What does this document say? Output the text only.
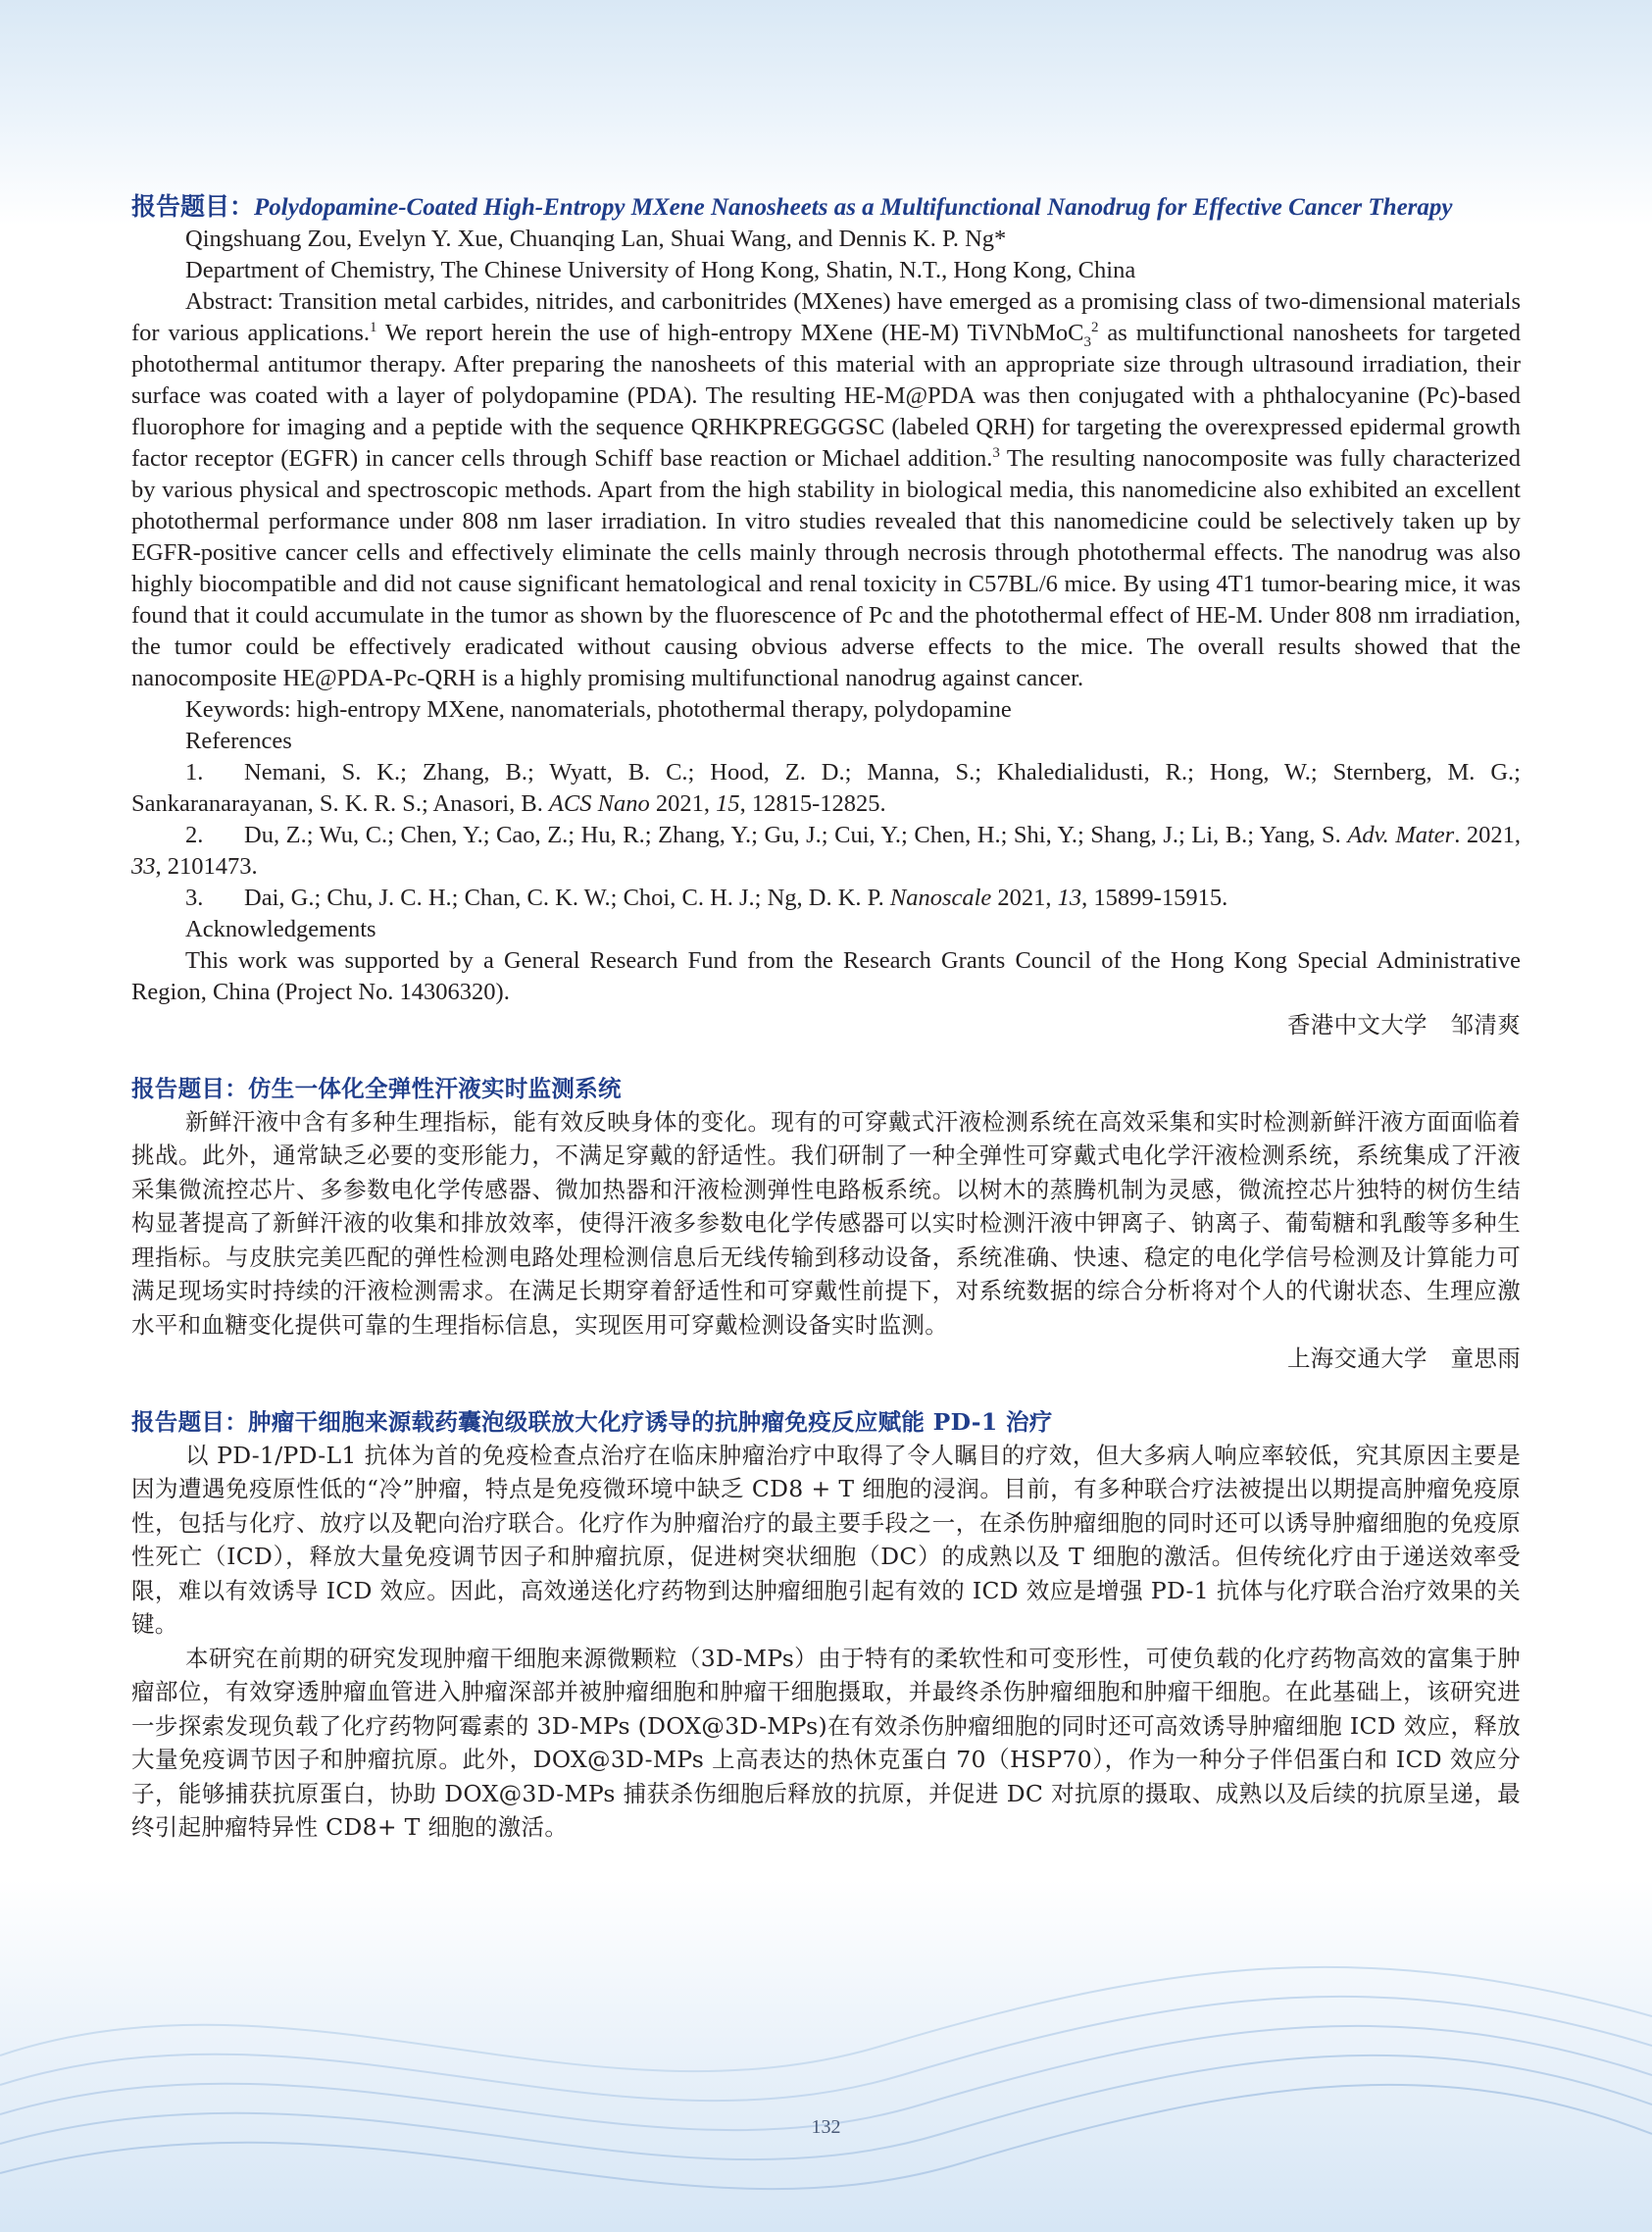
报告题目：Polydopamine-Coated High-Entropy MXene Nanosheets as a Multifunctional Nanodrug for Effective Cancer Therapy
Qingshuang Zou, Evelyn Y. Xue, Chuanqing Lan, Shuai Wang, and Dennis K. P. Ng*
Department of Chemistry, The Chinese University of Hong Kong, Shatin, N.T., Hong Kong, China
Abstract: Transition metal carbides, nitrides, and carbonitrides (MXenes) have emerged as a promising class of two-dimensional materials for various applications.$^1$ We report herein the use of high-entropy MXene (HE-M) TiVNbMoC$_3^2$ as multifunctional nanosheets for targeted photothermal antitumor therapy. After preparing the nanosheets of this material with an appropriate size through ultrasound irradiation, their surface was coated with a layer of polydopamine (PDA). The resulting HE-M@PDA was then conjugated with a phthalocyanine (Pc)-based fluorophore for imaging and a peptide with the sequence QRHKPREGGGSC (labeled QRH) for targeting the overexpressed epidermal growth factor receptor (EGFR) in cancer cells through Schiff base reaction or Michael addition.$^3$ The resulting nanocomposite was fully characterized by various physical and spectroscopic methods. Apart from the high stability in biological media, this nanomedicine also exhibited an excellent photothermal performance under 808 nm laser irradiation. In vitro studies revealed that this nanomedicine could be selectively taken up by EGFR-positive cancer cells and effectively eliminate the cells mainly through necrosis through photothermal effects. The nanodrug was also highly biocompatible and did not cause significant hematological and renal toxicity in C57BL/6 mice. By using 4T1 tumor-bearing mice, it was found that it could accumulate in the tumor as shown by the fluorescence of Pc and the photothermal effect of HE-M. Under 808 nm irradiation, the tumor could be effectively eradicated without causing obvious adverse effects to the mice. The overall results showed that the nanocomposite HE@PDA-Pc-QRH is a highly promising multifunctional nanodrug against cancer.
Keywords: high-entropy MXene, nanomaterials, photothermal therapy, polydopamine
References
1. Nemani, S. K.; Zhang, B.; Wyatt, B. C.; Hood, Z. D.; Manna, S.; Khaledialidusti, R.; Hong, W.; Sternberg, M. G.; Sankaranarayanan, S. K. R. S.; Anasori, B. ACS Nano 2021, 15, 12815-12825.
2. Du, Z.; Wu, C.; Chen, Y.; Cao, Z.; Hu, R.; Zhang, Y.; Gu, J.; Cui, Y.; Chen, H.; Shi, Y.; Shang, J.; Li, B.; Yang, S. Adv. Mater. 2021, 33, 2101473.
3. Dai, G.; Chu, J. C. H.; Chan, C. K. W.; Choi, C. H. J.; Ng, D. K. P. Nanoscale 2021, 13, 15899-15915.
Acknowledgements
This work was supported by a General Research Fund from the Research Grants Council of the Hong Kong Special Administrative Region, China (Project No. 14306320).
香港中文大学　邹清爽
报告题目：仿生一体化全弹性汗液实时监测系统
新鲜汗液中含有多种生理指标，能有效反映身体的变化。现有的可穿戴式汗液检测系统在高效采集和实时检测新鲜汗液方面面临着挑战。此外，通常缺乏必要的变形能力，不满足穿戴的舒适性。我们研制了一种全弹性可穿戴式电化学汗液检测系统，系统集成了汗液采集微流控芯片、多参数电化学传感器、微加热器和汗液检测弹性电路板系统。以树木的蒸腾机制为灵感，微流控芯片独特的树仿生结构显著提高了新鲜汗液的收集和排放效率，使得汗液多参数电化学传感器可以实时检测汗液中钾离子、钠离子、葡萄糖和乳酸等多种生理指标。与皮肤完美匹配的弹性检测电路处理检测信息后无线传输到移动设备，系统准确、快速、稳定的电化学信号检测及计算能力可满足现场实时持续的汗液检测需求。在满足长期穿着舒适性和可穿戴性前提下，对系统数据的综合分析将对个人的代谢状态、生理应激水平和血糖变化提供可靠的生理指标信息，实现医用可穿戴检测设备实时监测。
上海交通大学　童思雨
报告题目：肿瘤干细胞来源载药囊泡级联放大化疗诱导的抗肿瘤免疫反应赋能 PD-1 治疗
以 PD-1/PD-L1 抗体为首的免疫检查点治疗在临床肿瘤治疗中取得了令人瞩目的疗效，但大多病人响应率较低，究其原因主要是因为遭遇免疫原性低的“冷”肿瘤，特点是免疫微环境中缺乏 CD8 + T 细胞的浸润。目前，有多种联合疗法被提出以期提高肿瘤免疫原性，包括与化疗、放疗以及靶向治疗联合。化疗作为肿瘤治疗的最主要手段之一，在杀伤肿瘤细胞的同时还可以诱导肿瘤细胞的免疫原性死亡（ICD），释放大量免疫调节因子和肿瘤抗原，促进树突状细胞（DC）的成熟以及 T 细胞的激活。但传统化疗由于递送效率受限，难以有效诱导 ICD 效应。因此，高效递送化疗药物到达肿瘤细胞引起有效的 ICD 效应是增强 PD-1 抗体与化疗联合治疗效果的关键。
本研究在前期的研究发现肿瘤干细胞来源微颗粒（3D-MPs）由于特有的柔软性和可变形性，可使负载的化疗药物高效的富集于肿瘤部位，有效穿透肿瘤血管进入肿瘤深部并被肿瘤细胞和肿瘤干细胞摄取，并最终杀伤肿瘤细胞和肿瘤干细胞。在此基础上，该研究进一步探索发现负载了化疗药物阿霉素的 3D-MPs (DOX@3D-MPs)在有效杀伤肿瘤细胞的同时还可高效诱导肿瘤细胞 ICD 效应，释放大量免疫调节因子和肿瘤抗原。此外，DOX@3D-MPs 上高表达的热休克蛋白 70（HSP70），作为一种分子伴侣蛋白和 ICD 效应分子，能够捕获抗原蛋白，协助 DOX@3D-MPs 捕获杀伤细胞后释放的抗原，并促进 DC 对抗原的摄取、成熟以及后续的抗原呈递，最终引起肿瘤特异性 CD8+ T 细胞的激活。
132
